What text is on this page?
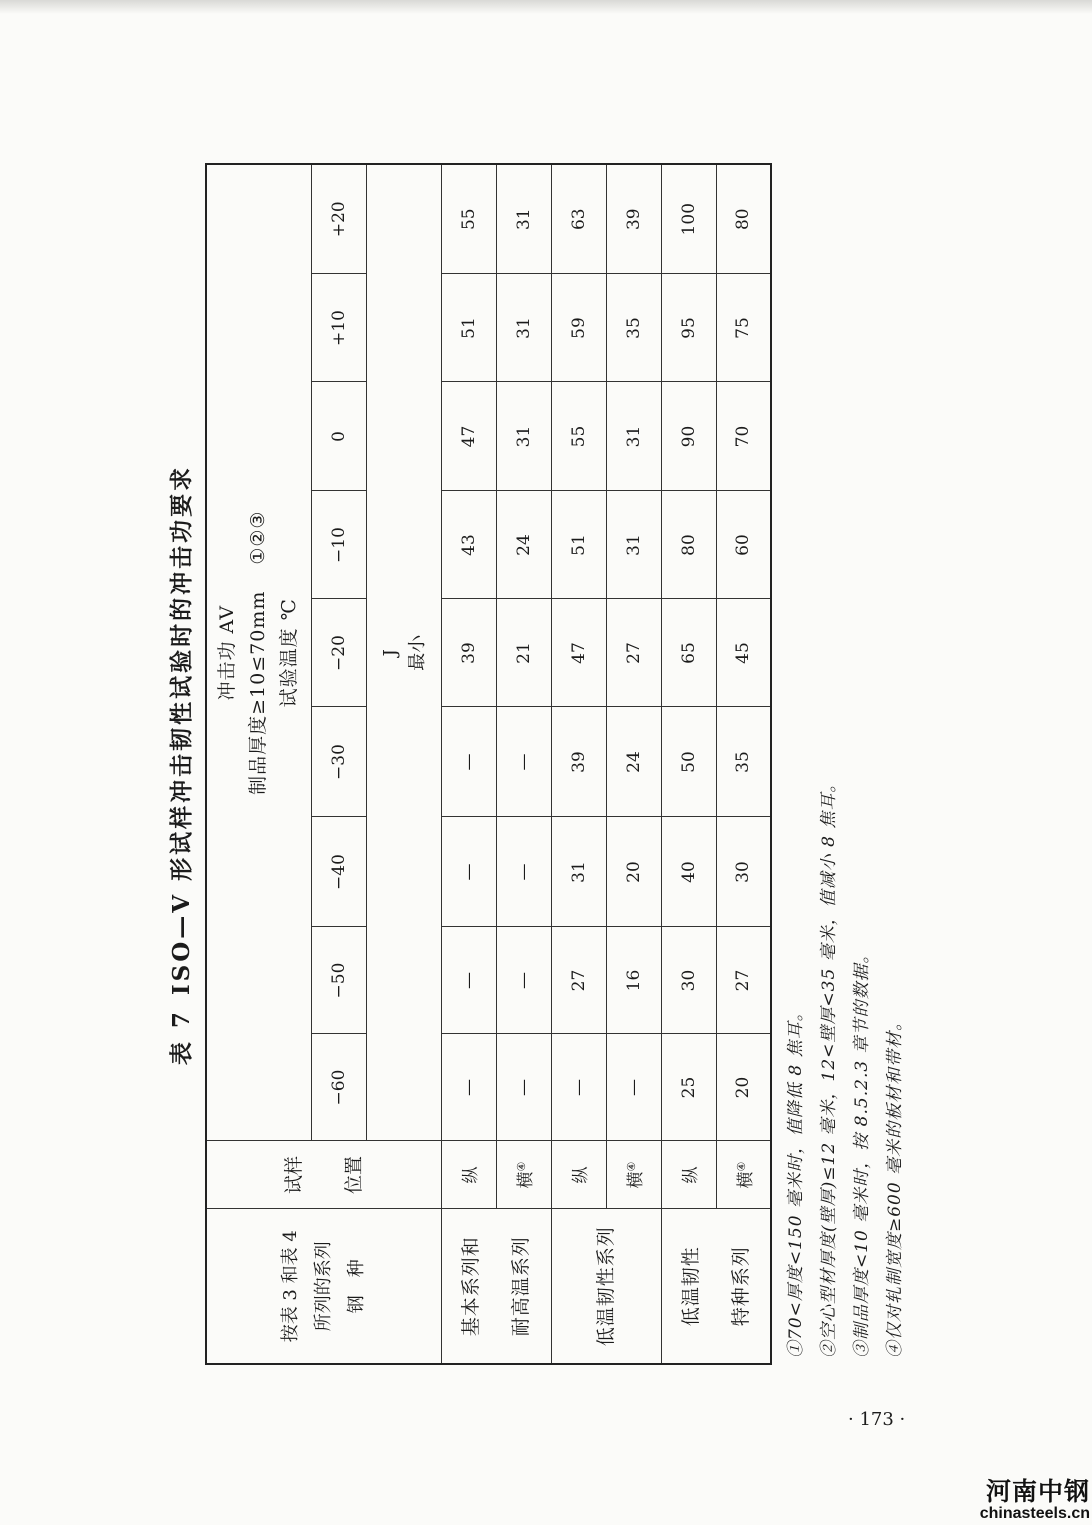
表 7ISO—V 形试样冲击韧性试验时的冲击功要求
按表 3 和表 4 所列的系列 钢　种	试样 位置	冲击功 AV 制品厚度≥10≤70mm①②③
试验温度 ℃								

		−60	−50	−40	−30	−20	−10	0	+10	+20

		J 最小								

基本系列和 耐高温系列	纵	—	—	—	—	39	43	47	51	55
	横④	—	—	—	—	21	24	31	31	31

低温韧性系列	纵	—	27	31	39	47	51	55	59	63
	横④	—	16	20	24	27	31	31	35	39

低温韧性 特种系列	纵	25	30	40	50	65	80	90	95	100
	横④	20	27	30	35	45	60	70	75	80
①70<厚度<150 毫米时，值降低 8 焦耳。 ②空心型材厚度(壁厚)≤12 毫米，12<壁厚<35 毫米，值减小 8 焦耳。 ③制品厚度<10 毫米时，按 8.5.2.3 章节的数据。 ④仅对轧制宽度≥600 毫米的板材和带材。
· 173 ·
河南中钢
chinasteels.cn
